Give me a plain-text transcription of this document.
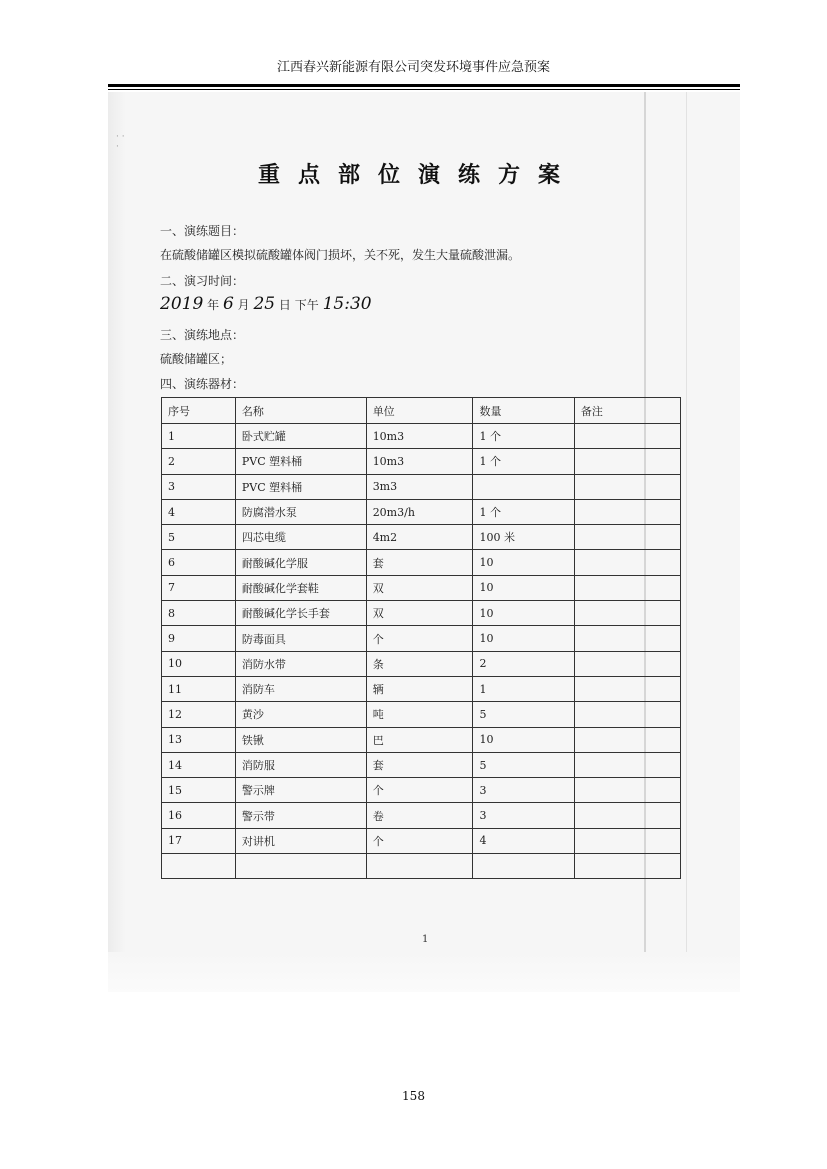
江西春兴新能源有限公司突发环境事件应急预案
· ·
·
重点部位演练方案
一、演练题目：
在硫酸储罐区模拟硫酸罐体阀门损坏，关不死，发生大量硫酸泄漏。
二、演习时间：
2019 年 6 月 25 日 下午 15:30
三、演练地点：
硫酸储罐区；
四、演练器材：
序号	名称	单位	数量	备注
1	卧式贮罐	10m3	1 个	
2	PVC 塑料桶	10m3	1 个	
3	PVC 塑料桶	3m3		
4	防腐潜水泵	20m3/h	1 个	
5	四芯电缆	4m2	100 米	
6	耐酸碱化学服	套	10	
7	耐酸碱化学套鞋	双	10	
8	耐酸碱化学长手套	双	10	
9	防毒面具	个	10	
10	消防水带	条	2	
11	消防车	辆	1	
12	黄沙	吨	5	
13	铁锹	巴	10	
14	消防服	套	5	
15	警示牌	个	3	
16	警示带	卷	3	
17	对讲机	个	4	

1
158
